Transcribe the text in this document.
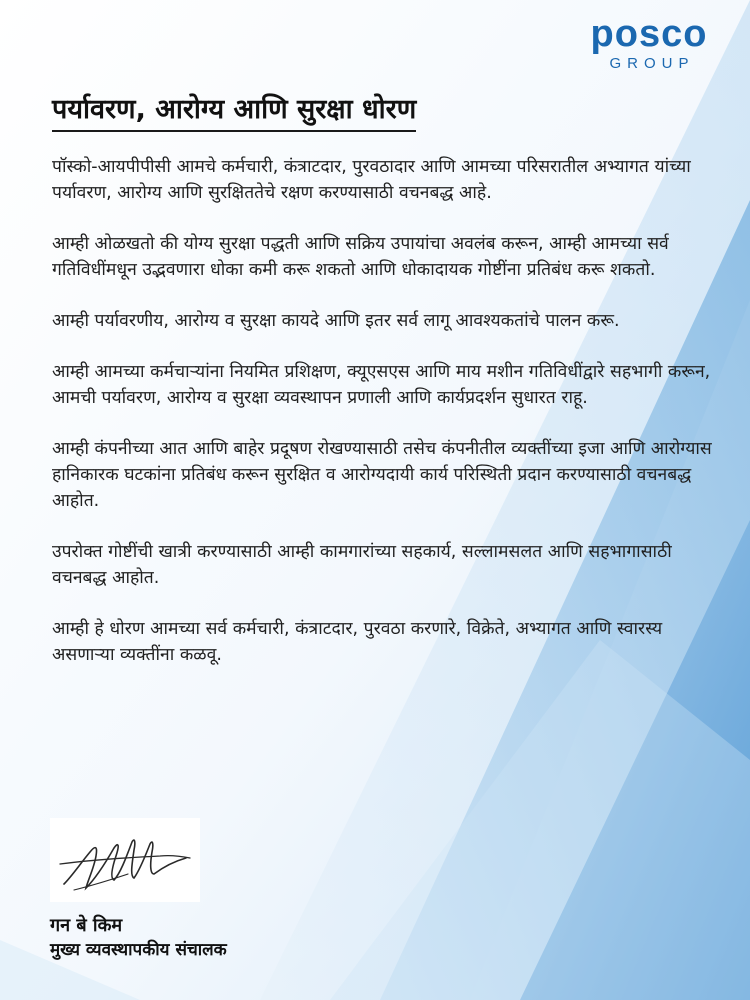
posco
GROUP
पर्यावरण, आरोग्य आणि सुरक्षा धोरण

पॉस्को-आयपीपीसी आमचे कर्मचारी, कंत्राटदार, पुरवठादार आणि आमच्या परिसरातील अभ्यागत यांच्या पर्यावरण, आरोग्य आणि सुरक्षिततेचे रक्षण करण्यासाठी वचनबद्ध आहे.

आम्ही ओळखतो की योग्य सुरक्षा पद्धती आणि सक्रिय उपायांचा अवलंब करून, आम्ही आमच्या सर्व गतिविधींमधून उद्भवणारा धोका कमी करू शकतो आणि धोकादायक गोष्टींना प्रतिबंध करू शकतो.

आम्ही पर्यावरणीय, आरोग्य व सुरक्षा कायदे आणि इतर सर्व लागू आवश्यकतांचे पालन करू.

आम्ही आमच्या कर्मचाऱ्यांना नियमित प्रशिक्षण, क्यूएसएस आणि माय मशीन गतिविधींद्वारे सहभागी करून, आमची पर्यावरण, आरोग्य व सुरक्षा व्यवस्थापन प्रणाली आणि कार्यप्रदर्शन सुधारत राहू.

आम्ही कंपनीच्या आत आणि बाहेर प्रदूषण रोखण्यासाठी तसेच कंपनीतील व्यक्तींच्या इजा आणि आरोग्यास हानिकारक घटकांना प्रतिबंध करून सुरक्षित व आरोग्यदायी कार्य परिस्थिती प्रदान करण्यासाठी वचनबद्ध आहोत.

उपरोक्त गोष्टींची खात्री करण्यासाठी आम्ही कामगारांच्या सहकार्य, सल्लामसलत आणि सहभागासाठी वचनबद्ध आहोत.

आम्ही हे धोरण आमच्या सर्व कर्मचारी, कंत्राटदार, पुरवठा करणारे, विक्रेते, अभ्यागत आणि स्वारस्य असणाऱ्या व्यक्तींना कळवू.

गन बे किम
मुख्य व्यवस्थापकीय संचालक
